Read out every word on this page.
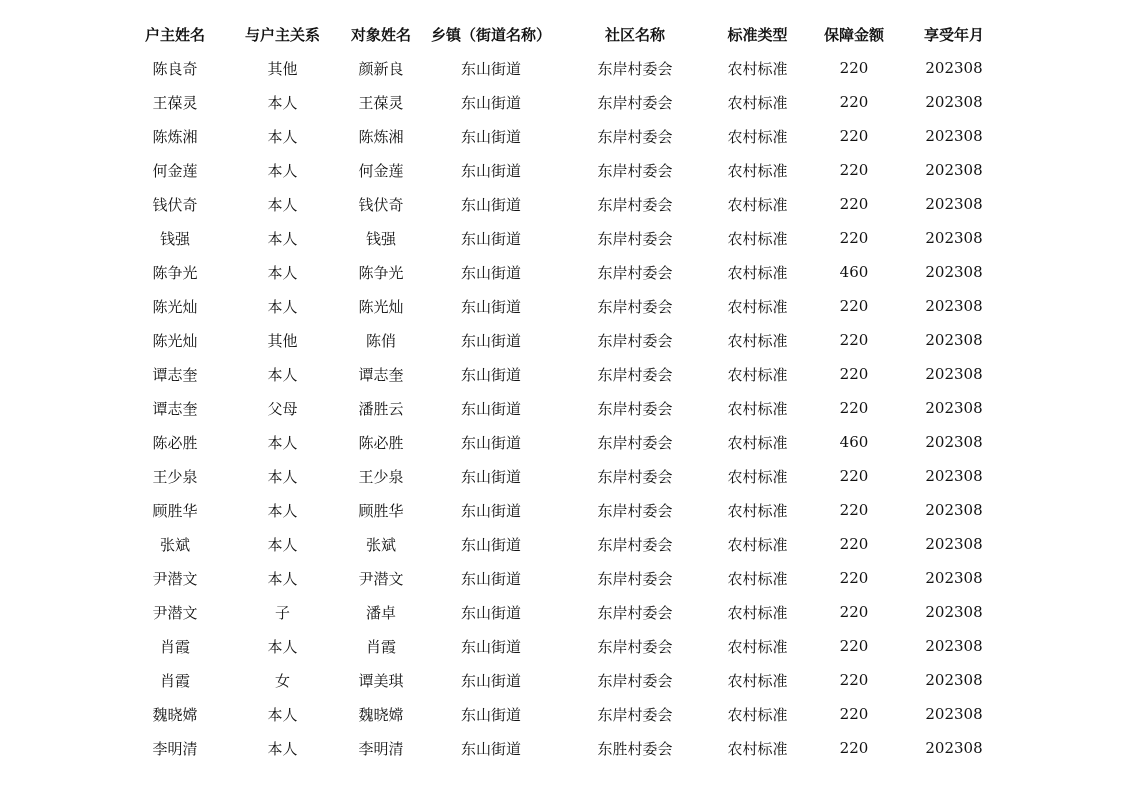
户主姓名	与户主关系	对象姓名	乡镇（街道名称）	社区名称	标准类型	保障金额	享受年月
陈良奇	其他	颜新良	东山街道	东岸村委会	农村标准	220	202308
王葆灵	本人	王葆灵	东山街道	东岸村委会	农村标准	220	202308
陈炼湘	本人	陈炼湘	东山街道	东岸村委会	农村标准	220	202308
何金莲	本人	何金莲	东山街道	东岸村委会	农村标准	220	202308
钱伏奇	本人	钱伏奇	东山街道	东岸村委会	农村标准	220	202308
钱强	本人	钱强	东山街道	东岸村委会	农村标准	220	202308
陈争光	本人	陈争光	东山街道	东岸村委会	农村标准	460	202308
陈光灿	本人	陈光灿	东山街道	东岸村委会	农村标准	220	202308
陈光灿	其他	陈俏	东山街道	东岸村委会	农村标准	220	202308
谭志奎	本人	谭志奎	东山街道	东岸村委会	农村标准	220	202308
谭志奎	父母	潘胜云	东山街道	东岸村委会	农村标准	220	202308
陈必胜	本人	陈必胜	东山街道	东岸村委会	农村标准	460	202308
王少泉	本人	王少泉	东山街道	东岸村委会	农村标准	220	202308
顾胜华	本人	顾胜华	东山街道	东岸村委会	农村标准	220	202308
张斌	本人	张斌	东山街道	东岸村委会	农村标准	220	202308
尹潜文	本人	尹潜文	东山街道	东岸村委会	农村标准	220	202308
尹潜文	子	潘卓	东山街道	东岸村委会	农村标准	220	202308
肖霞	本人	肖霞	东山街道	东岸村委会	农村标准	220	202308
肖霞	女	谭美琪	东山街道	东岸村委会	农村标准	220	202308
魏晓嫦	本人	魏晓嫦	东山街道	东岸村委会	农村标准	220	202308
李明清	本人	李明清	东山街道	东胜村委会	农村标准	220	202308
